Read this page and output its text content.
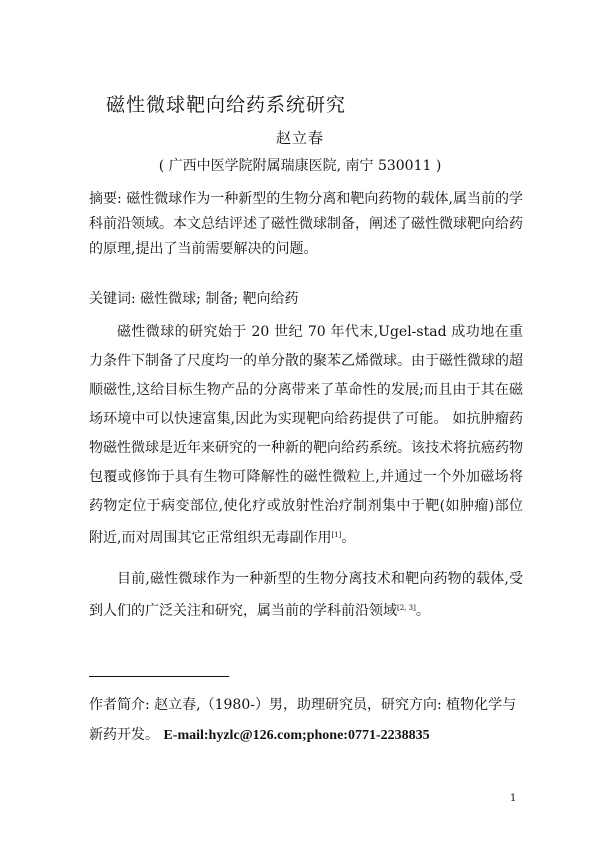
磁性微球靶向给药系统研究
赵立春
( 广西中医学院附属瑞康医院, 南宁 530011 )

摘要: 磁性微球作为一种新型的生物分离和靶向药物的载体,属当前的学科前沿领域。本文总结评述了磁性微球制备，阐述了磁性微球靶向给药的原理,提出了当前需要解决的问题。

关键词: 磁性微球; 制备; 靶向给药

磁性微球的研究始于 20 世纪 70 年代末,Ugel-stad 成功地在重力条件下制备了尺度均一的单分散的聚苯乙烯微球。由于磁性微球的超顺磁性,这给目标生物产品的分离带来了革命性的发展;而且由于其在磁场环境中可以快速富集,因此为实现靶向给药提供了可能。 如抗肿瘤药物磁性微球是近年来研究的一种新的靶向给药系统。该技术将抗癌药物包覆或修饰于具有生物可降解性的磁性微粒上,并通过一个外加磁场将药物定位于病变部位,使化疗或放射性治疗制剂集中于靶(如肿瘤)部位附近,而对周围其它正常组织无毒副作用[1]。

目前,磁性微球作为一种新型的生物分离技术和靶向药物的载体,受到人们的广泛关注和研究，属当前的学科前沿领域[2, 3]。

作者简介: 赵立春,（1980-）男，助理研究员，研究方向: 植物化学与新药开发。 E-mail:hyzlc@126.com;phone:0771-2238835

1
